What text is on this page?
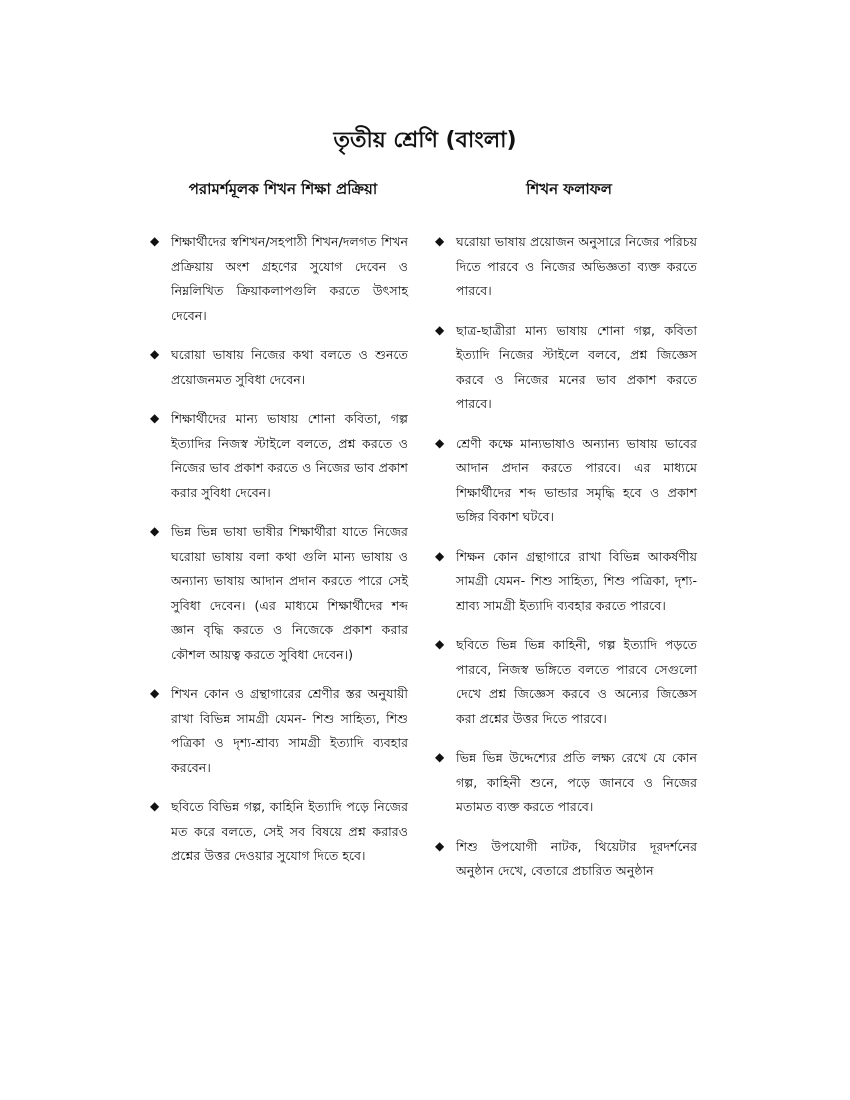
তৃতীয় শ্রেণি (বাংলা)
পরামর্শমূলক শিখন শিক্ষা প্রক্রিয়া
◆ শিক্ষার্থীদের স্বশিখন/সহপাঠী শিখন/দলগত শিখন প্রক্রিয়ায় অংশ গ্রহণের সুযোগ দেবেন ও নিম্নলিখিত ক্রিয়াকলাপগুলি করতে উৎসাহ দেবেন।
◆ ঘরোয়া ভাষায় নিজের কথা বলতে ও শুনতে প্রয়োজনমত সুবিধা দেবেন।
◆ শিক্ষার্থীদের মান্য ভাষায় শোনা কবিতা, গল্প ইত্যাদির নিজস্ব স্টাইলে বলতে, প্রশ্ন করতে ও নিজের ভাব প্রকাশ করতে ও নিজের ভাব প্রকাশ করার সুবিধা দেবেন।
◆ ভিন্ন ভিন্ন ভাষা ভাষীর শিক্ষার্থীরা যাতে নিজের ঘরোয়া ভাষায় বলা কথা গুলি মান্য ভাষায় ও অন্যান্য ভাষায় আদান প্রদান করতে পারে সেই সুবিধা দেবেন। (এর মাধ্যমে শিক্ষার্থীদের শব্দ জ্ঞান বৃদ্ধি করতে ও নিজেকে প্রকাশ করার কৌশল আয়ত্ব করতে সুবিধা দেবেন।)
◆ শিখন কোন ও গ্রন্থাগারের শ্রেণীর স্তর অনুযায়ী রাখা বিভিন্ন সামগ্রী যেমন- শিশু সাহিত্য, শিশু পত্রিকা ও দৃশ্য-শ্রাব্য সামগ্রী ইত্যাদি ব্যবহার করবেন।
◆ ছবিতে বিভিন্ন গল্প, কাহিনি ইত্যাদি পড়ে নিজের মত করে বলতে, সেই সব বিষয়ে প্রশ্ন করারও প্রশ্নের উত্তর দেওয়ার সুযোগ দিতে হবে।
শিখন ফলাফল
◆ ঘরোয়া ভাষায় প্রয়োজন অনুসারে নিজের পরিচয় দিতে পারবে ও নিজের অভিজ্ঞতা ব্যক্ত করতে পারবে।
◆ ছাত্র-ছাত্রীরা মান্য ভাষায় শোনা গল্প, কবিতা ইত্যাদি নিজের স্টাইলে বলবে, প্রশ্ন জিজ্ঞেস করবে ও নিজের মনের ভাব প্রকাশ করতে পারবে।
◆ শ্রেণী কক্ষে মান্যভাষাও অন্যান্য ভাষায় ভাবের আদান প্রদান করতে পারবে। এর মাধ্যমে শিক্ষার্থীদের শব্দ ভান্ডার সমৃদ্ধি হবে ও প্রকাশ ভঙ্গির বিকাশ ঘটবে।
◆ শিক্ষন কোন গ্রন্থাগারে রাখা বিভিন্ন আকর্ষণীয় সামগ্রী যেমন- শিশু সাহিত্য, শিশু পত্রিকা, দৃশ্য-শ্রাব্য সামগ্রী ইত্যাদি ব্যবহার করতে পারবে।
◆ ছবিতে ভিন্ন ভিন্ন কাহিনী, গল্প ইত্যাদি পড়তে পারবে, নিজস্ব ভঙ্গিতে বলতে পারবে সেগুলো দেখে প্রশ্ন জিজ্ঞেস করবে ও অন্যের জিজ্ঞেস করা প্রশ্নের উত্তর দিতে পারবে।
◆ ভিন্ন ভিন্ন উদ্দেশ্যের প্রতি লক্ষ্য রেখে যে কোন গল্প, কাহিনী শুনে, পড়ে জানবে ও নিজের মতামত ব্যক্ত করতে পারবে।
◆ শিশু উপযোগী নাটক, থিয়েটার দূরদর্শনের অনুষ্ঠান দেখে, বেতারে প্রচারিত অনুষ্ঠান
